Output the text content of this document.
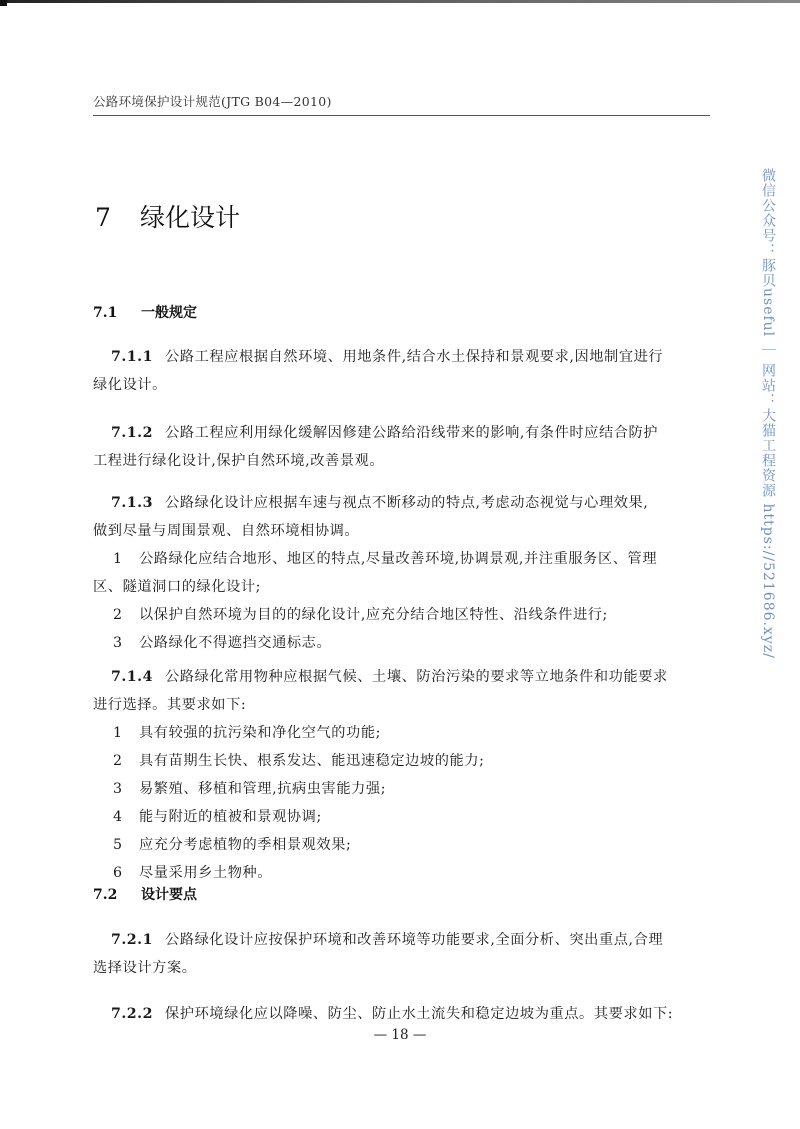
公路环境保护设计规范(JTG B04—2010)
7 绿化设计
7.1 一般规定
7.1.1 公路工程应根据自然环境、用地条件,结合水土保持和景观要求,因地制宜进行
绿化设计。
7.1.2 公路工程应利用绿化缓解因修建公路给沿线带来的影响,有条件时应结合防护
工程进行绿化设计,保护自然环境,改善景观。
7.1.3 公路绿化设计应根据车速与视点不断移动的特点,考虑动态视觉与心理效果,
做到尽量与周围景观、自然环境相协调。
1 公路绿化应结合地形、地区的特点,尽量改善环境,协调景观,并注重服务区、管理
区、隧道洞口的绿化设计;
2 以保护自然环境为目的的绿化设计,应充分结合地区特性、沿线条件进行;
3 公路绿化不得遮挡交通标志。
7.1.4 公路绿化常用物种应根据气候、土壤、防治污染的要求等立地条件和功能要求
进行选择。其要求如下:
1 具有较强的抗污染和净化空气的功能;
2 具有苗期生长快、根系发达、能迅速稳定边坡的能力;
3 易繁殖、移植和管理,抗病虫害能力强;
4 能与附近的植被和景观协调;
5 应充分考虑植物的季相景观效果;
6 尽量采用乡土物种。
7.2 设计要点
7.2.1 公路绿化设计应按保护环境和改善环境等功能要求,全面分析、突出重点,合理
选择设计方案。
7.2.2 保护环境绿化应以降噪、防尘、防止水土流失和稳定边坡为重点。其要求如下:
— 18 —
微信公众号：豚贝useful ｜ 网站：大猫工程资源 https://521686.xyz/
